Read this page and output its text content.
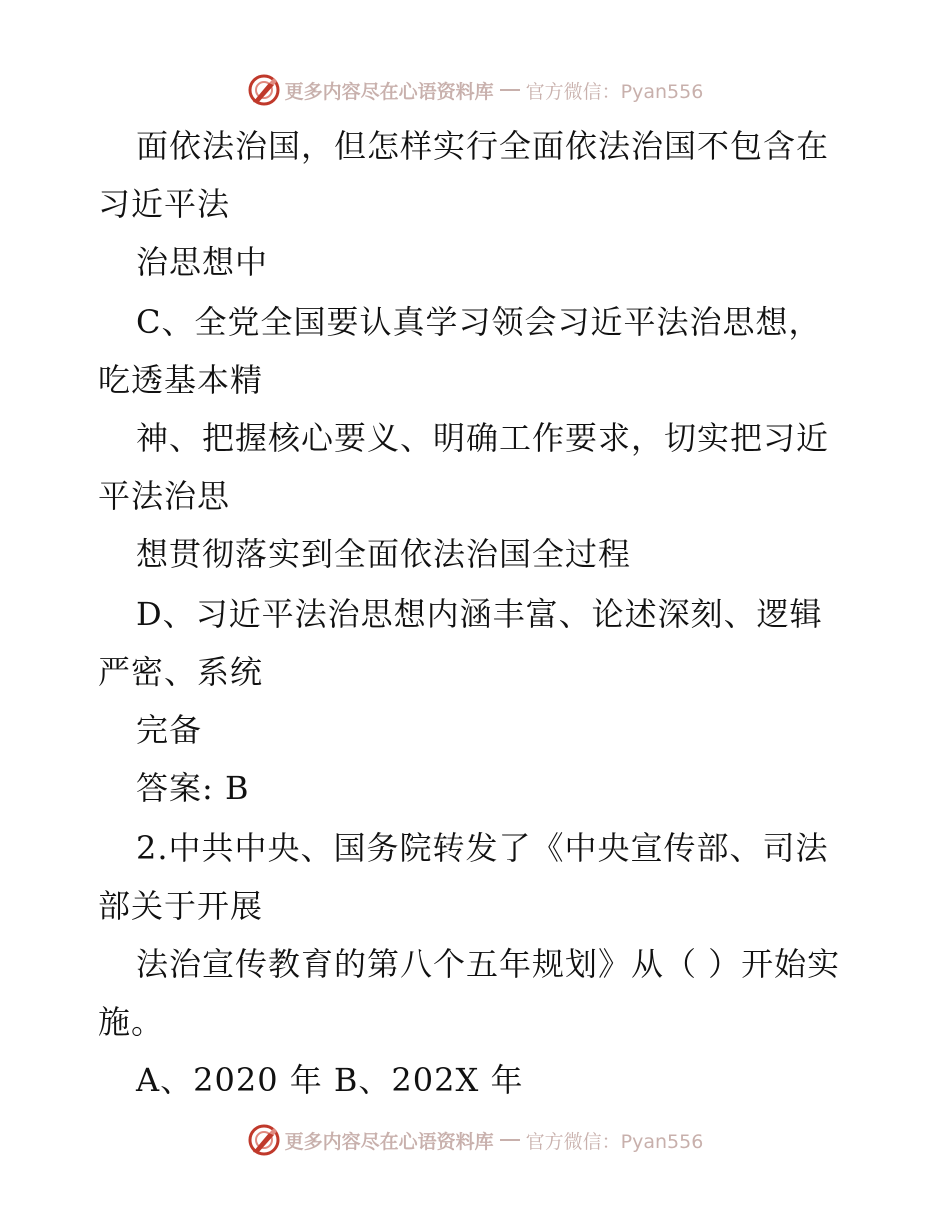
更多内容尽在心语资料库 官方微信：Pyan556
面依法治国，但怎样实行全面依法治国不包含在
习近平法
治思想中
C、全党全国要认真学习领会习近平法治思想，
吃透基本精
神、把握核心要义、明确工作要求，切实把习近
平法治思
想贯彻落实到全面依法治国全过程
D、习近平法治思想内涵丰富、论述深刻、逻辑
严密、系统
完备
答案: B
2.中共中央、国务院转发了《中央宣传部、司法
部关于开展
法治宣传教育的第八个五年规划》从（ ）开始实
施。
A、2020 年 B、202X 年
更多内容尽在心语资料库 官方微信：Pyan556
